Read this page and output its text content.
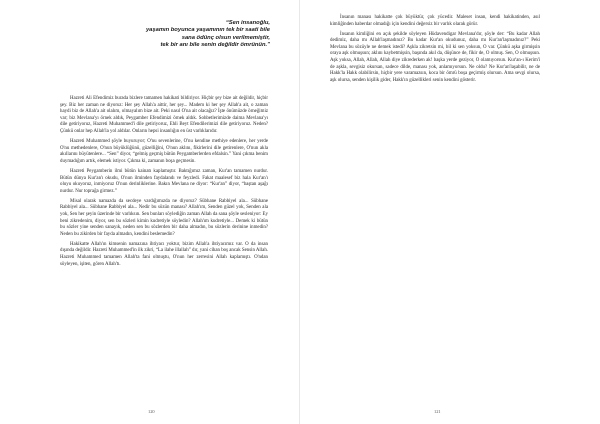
“Sen insanoğlu,
yaşamın boyunca yaşamının tek bir saati bile
sana ödünç olsun verilmemiştir,
tek bir anı bile senin değildir ömrünün.”

Hazreti Ali Efendimiz burada bizlere tamamen hakikati bildiriyor. Hiçbir şey bize ait değildir, hiçbir şey. Biz her zaman ne diyoruz: Her şey Allah'a aittir, her şey... Madem ki her şey Allah'a ait, o zaman haydi biz de Allah'a ait olalım, olmayalım bize ait. Peki nasıl O'na ait olacağız? İşte önümüzde örneğimiz var; biz Mevlana'yı örnek aldık, Peygamber Efendimizi örnek aldık. Sohbetlerimizde daima Mevlana'yı dile getiriyoruz, Hazreti Muhammed'i dile getiriyoruz, Ehli Beyt Efendilerimizi dile getiriyoruz. Neden? Çünkü onlar hep Allah'la yol aldılar. Onların hepsi insanlığın en üst varlıklarıdır.

Hazreti Muhammed şöyle buyuruyor; O'nu sevenlerine, O'nu kendine methiye edenlere, her yerde O'nu methedenlere, O'nun büyüklüğünü, güzelliğini, O'nun aklını, fikirlerini dile getirenlere, O'nun akla akıllarını büyütenlere... “Sen” diyor, “gelmiş geçmiş bütün Peygamberlerden efdalsin.” Yani çıkma benim duymadığım artık, elemek istiyor. Çıkma ki, zamanın boşa geçmesin.

Hazreti Peygamberin ilmi bütün kainatı kaplamıştır. Baktığımız zaman, Kur'an tamamen nurdur. Bütün dünya Kur'an'ı okudu, O'nun ilminden faydalandı ve feyzledi. Fakat maalesef biz hala Kur'an'ı oluyu okuyoruz, inmiyoruz O'nun derinliklerine. Bakın Mevlana ne diyor: “Kur'an” diyor, “baştan aşağı nurdur. Nur toprağa girmez.”

Misal olarak namazda da secdeye vardığımızda ne diyoruz? Sübhane Rabbiyel ala... Sübhane Rabbiyel ala... Sübhane Rabbiyel ala... Nedir bu sözün manası? Allah'ım, Senden güzel yok, Senden ala yok, Sen her şeyin üzerinde bir varlıksın. Sen bunları söylediğin zaman Allah da sana şöyle sesleniyor: Ey beni zikredenim, diyor, sen bu sözleri kimin kudretiyle söyledin? Allah'ım kudretiyle... Demek ki bütün bu sözler yine senden sanayık, neden sen bu sözlerden bir daha almadın, bu sözlerin derinine inmedin? Neden bu zikirden bir fayda almadın, kendini beslemedin?

Hakikatte Allah'ın kimsenin namazına ihtiyacı yoktur, bizim Allah'a ihtiyacımız var. O da insan dışında değildir. Hazreti Muhammed'in ilk zikri, “La ilahe illallah” dır, yani cihan boş ancak Sensin Allah. Hazreti Muhammed tamamen Allah'ta fani olmuştu, O'nun her zerresini Allah kaplamıştı. O'ndan söyleyen, işiten, gören Allah'tı.

120

İnsanın manası hakikatte çok büyüktür, çok yücedir. Maleset insan, kendi hakikatinden, asıl kimliğinden haberdar olmadığı için kendini değersiz bir varlık olarak görür.

İnsanın kimliğini en açık şekilde söyleyen Hüdavendigar Mevlana'dır, şöyle der: “Bu kadar Allah dedimiz, daha mı Allah'laşmadınız? Bu kadar Kur'an okudunuz, daha mı Kur'an'laşmadınız?” Peki Mevlana bu sözüyle ne demek istedi? Aşkla zikretsin mi, bil ki sen yoksun, O var. Çünkü aşka girmişsin oraya aşk olmuşsun; aklını kaybetmişsin, başında akıl da, düşünce de, fikir de, O olmuş. Sen, O olmuşsun. Aşk yoksa, Allah, Allah, Allah diye zikrederken ak! başka yerde geziyor, O olamıyorsun. Kur'an-ı Kerim'i de aşkla, sevgisiz okursan, sadece dilde, manası yok, anlamıyorsun. Ne oldu? Ne Kur'an'laşabilir, ne de Hakk'la Hakk olabilirsin, hiçbir yere varamazsın, koca bir ömrü boşa geçirmiş olursun. Ama sevgi olursa, aşk olursa, senden kişilik gider, Hakk'ın güzellikleri senin kendini gösterir.

121
